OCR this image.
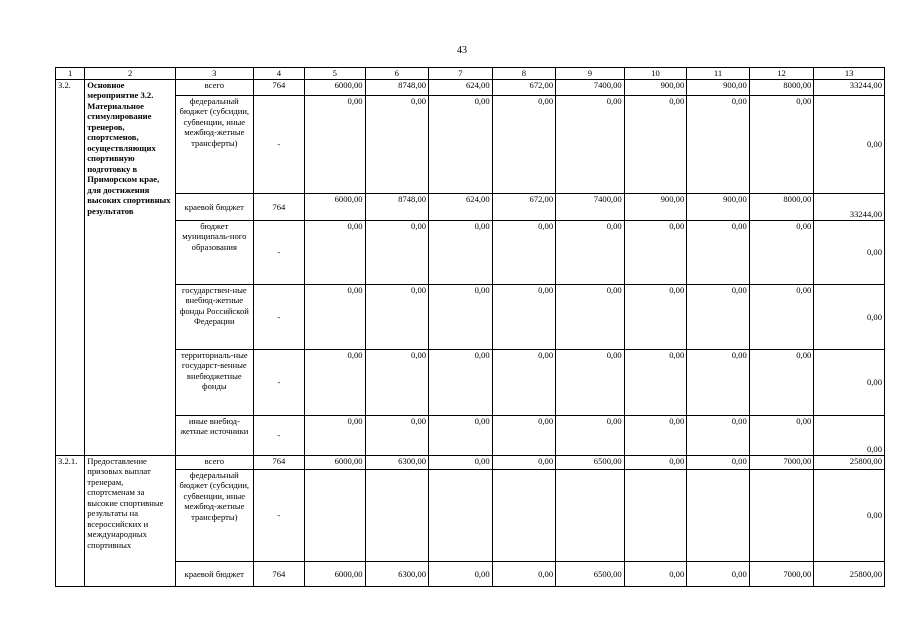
43
1	2	3	4	5	6	7	8	9	10	11	12	13
3.2.	Основное мероприятие 3.2. Материальное стимулирование тренеров, спортсменов, осуществляющих спортивную подготовку в Приморском крае, для достижения высоких спортивных результатов	всего	764	6000,00	8748,00	624,00	672,00	7400,00	900,00	900,00	8000,00	33244,00
		федеральный бюджет (субсидии, субвенции, иные межбюд-жетные трансферты)	-	0,00	0,00	0,00	0,00	0,00	0,00	0,00	0,00	0,00
		краевой бюджет	764	6000,00	8748,00	624,00	672,00	7400,00	900,00	900,00	8000,00	33244,00
		бюджет муниципаль-ного образования	-	0,00	0,00	0,00	0,00	0,00	0,00	0,00	0,00	0,00
		государствен-ные внебюд-жетные фонды Российской Федерации	-	0,00	0,00	0,00	0,00	0,00	0,00	0,00	0,00	0,00
		территориаль-ные государст-венные внебюджетные фонды	-	0,00	0,00	0,00	0,00	0,00	0,00	0,00	0,00	0,00
		иные внебюд-жетные источники	-	0,00	0,00	0,00	0,00	0,00	0,00	0,00	0,00	0,00
3.2.1.	Предоставление призовых выплат тренерам, спортсменам за высокие спортивные результаты на всероссийских и международных спортивных	всего	764	6000,00	6300,00	0,00	0,00	6500,00	0,00	0,00	7000,00	25800,00
		федеральный бюджет (субсидии, субвенции, иные межбюд-жетные трансферты)	-									0,00
		краевой бюджет	764	6000,00	6300,00	0,00	0,00	6500,00	0,00	0,00	7000,00	25800,00
